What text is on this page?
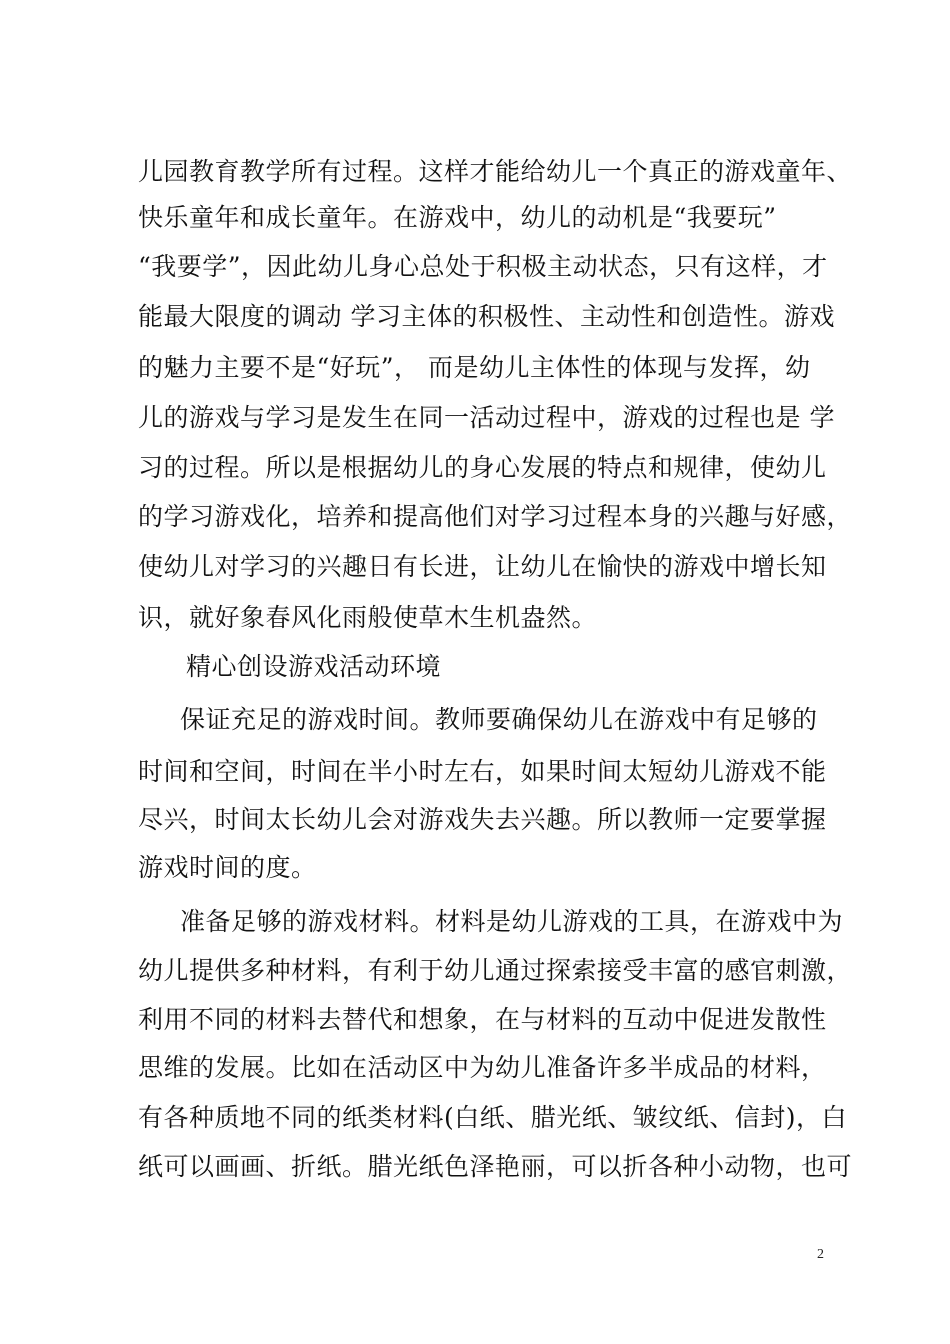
儿园教育教学所有过程。这样才能给幼儿一个真正的游戏童年、
快乐童年和成长童年。在游戏中，幼儿的动机是“我要玩”
“我要学”，因此幼儿身心总处于积极主动状态，只有这样，才
能最大限度的调动 学习主体的积极性、主动性和创造性。游戏
的魅力主要不是“好玩”， 而是幼儿主体性的体现与发挥，幼
儿的游戏与学习是发生在同一活动过程中，游戏的过程也是 学
习的过程。所以是根据幼儿的身心发展的特点和规律，使幼儿
的学习游戏化，培养和提高他们对学习过程本身的兴趣与好感，
使幼儿对学习的兴趣日有长进，让幼儿在愉快的游戏中增长知
识，就好象春风化雨般使草木生机盎然。
精心创设游戏活动环境
保证充足的游戏时间。教师要确保幼儿在游戏中有足够的
时间和空间，时间在半小时左右，如果时间太短幼儿游戏不能
尽兴，时间太长幼儿会对游戏失去兴趣。所以教师一定要掌握
游戏时间的度。
准备足够的游戏材料。材料是幼儿游戏的工具，在游戏中为
幼儿提供多种材料，有利于幼儿通过探索接受丰富的感官刺激，
利用不同的材料去替代和想象，在与材料的互动中促进发散性
思维的发展。比如在活动区中为幼儿准备许多半成品的材料，
有各种质地不同的纸类材料(白纸、腊光纸、皱纹纸、信封)，白
纸可以画画、折纸。腊光纸色泽艳丽，可以折各种小动物，也可
2
